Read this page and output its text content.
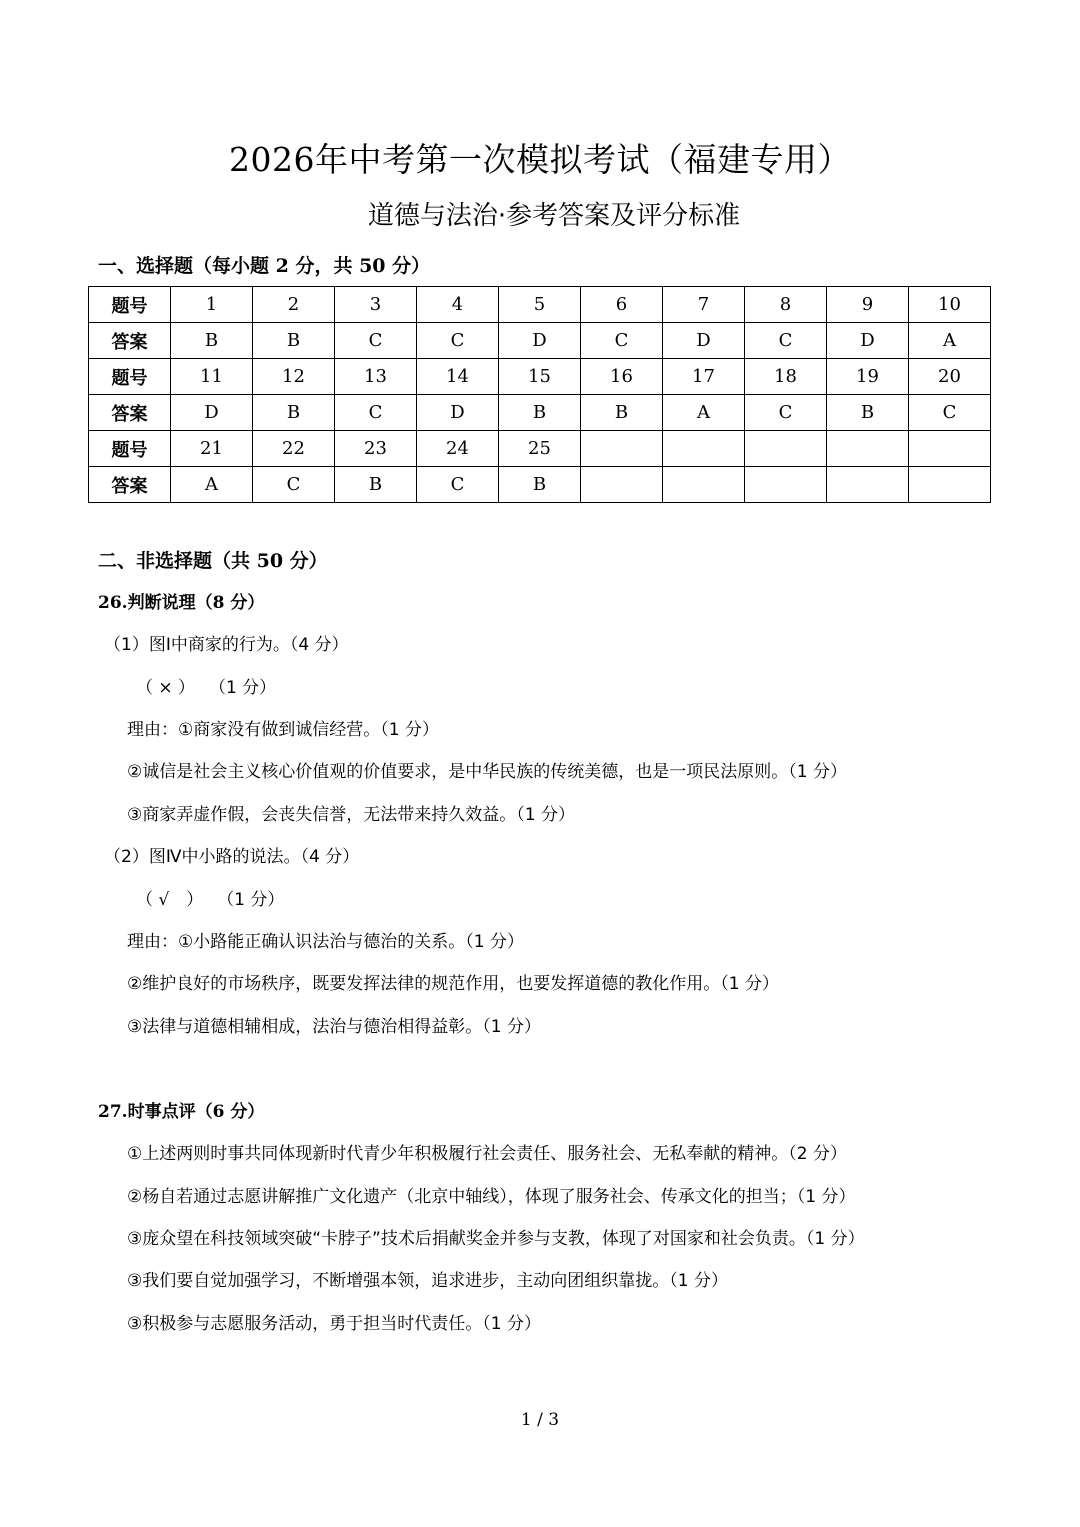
2026年中考第一次模拟考试（福建专用）
道德与法治·参考答案及评分标准
一、选择题（每小题 2 分，共 50 分）
题号	1	2	3	4	5	6	7	8	9	10
答案	B	B	C	C	D	C	D	C	D	A
题号	11	12	13	14	15	16	17	18	19	20
答案	D	B	C	D	B	B	A	C	B	C
题号	21	22	23	24	25					
答案	A	C	B	C	B					
二、非选择题（共 50 分）
26.判断说理（8 分）
（1）图Ⅰ中商家的行为。（4 分）
（ × ）　 （1 分）
理由：①商家没有做到诚信经营。（1 分）
②诚信是社会主义核心价值观的价值要求，是中华民族的传统美德，也是一项民法原则。（1 分）
③商家弄虚作假，会丧失信誉，无法带来持久效益。（1 分）
（2）图Ⅳ中小路的说法。（4 分）
（ √　）　 （1 分）
理由：①小路能正确认识法治与德治的关系。（1 分）
②维护良好的市场秩序，既要发挥法律的规范作用，也要发挥道德的教化作用。（1 分）
③法律与道德相辅相成，法治与德治相得益彰。（1 分）
27.时事点评（6 分）
①上述两则时事共同体现新时代青少年积极履行社会责任、服务社会、无私奉献的精神。（2 分）
②杨自若通过志愿讲解推广文化遗产（北京中轴线），体现了服务社会、传承文化的担当；（1 分）
③庞众望在科技领域突破“卡脖子”技术后捐献奖金并参与支教，体现了对国家和社会负责。（1 分）
③我们要自觉加强学习，不断增强本领，追求进步，主动向团组织靠拢。（1 分）
③积极参与志愿服务活动，勇于担当时代责任。（1 分）
1 / 3
